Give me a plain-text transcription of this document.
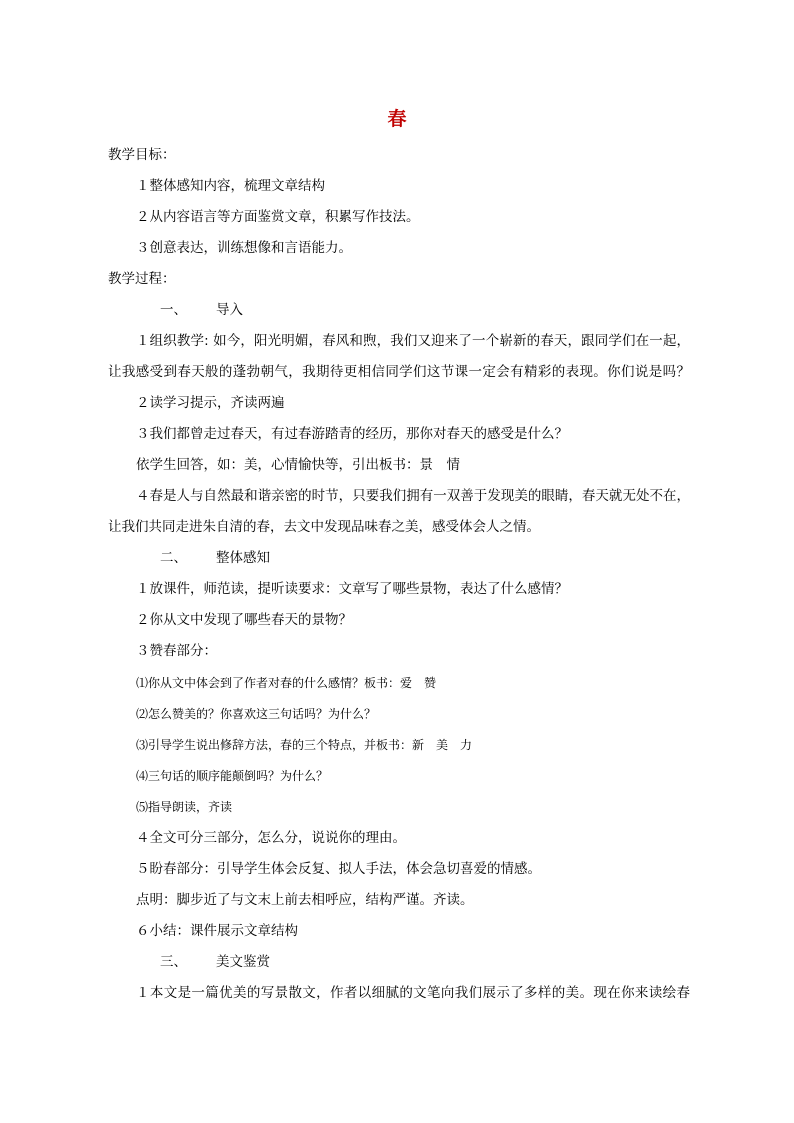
春
教学目标：
１整体感知内容，梳理文章结构
２从内容语言等方面鉴赏文章，积累写作技法。
３创意表达，训练想像和言语能力。
教学过程：
一、 导入
１组织教学: 如今，阳光明媚，春风和煦，我们又迎来了一个崭新的春天，跟同学们在一起，
让我感受到春天般的蓬勃朝气，我期待更相信同学们这节课一定会有精彩的表现。你们说是吗？
２读学习提示，齐读两遍
３我们都曾走过春天，有过春游踏青的经历，那你对春天的感受是什么？
依学生回答，如：美，心情愉快等，引出板书：景　情
４春是人与自然最和谐亲密的时节，只要我们拥有一双善于发现美的眼睛，春天就无处不在，
让我们共同走进朱自清的春，去文中发现品味春之美，感受体会人之情。
二、 整体感知
１放课件，师范读，提听读要求：文章写了哪些景物，表达了什么感情？
２你从文中发现了哪些春天的景物？
３赞春部分：
⑴你从文中体会到了作者对春的什么感情？板书：爱　赞
⑵怎么赞美的？你喜欢这三句话吗？为什么？
⑶引导学生说出修辞方法，春的三个特点，并板书：新　美　力
⑷三句话的顺序能颠倒吗？为什么？
⑸指导朗读，齐读
４全文可分三部分，怎么分，说说你的理由。
５盼春部分：引导学生体会反复、拟人手法，体会急切喜爱的情感。
点明：脚步近了与文末上前去相呼应，结构严谨。齐读。
６小结：课件展示文章结构
三、 美文鉴赏
１本文是一篇优美的写景散文，作者以细腻的文笔向我们展示了多样的美。现在你来读绘春
